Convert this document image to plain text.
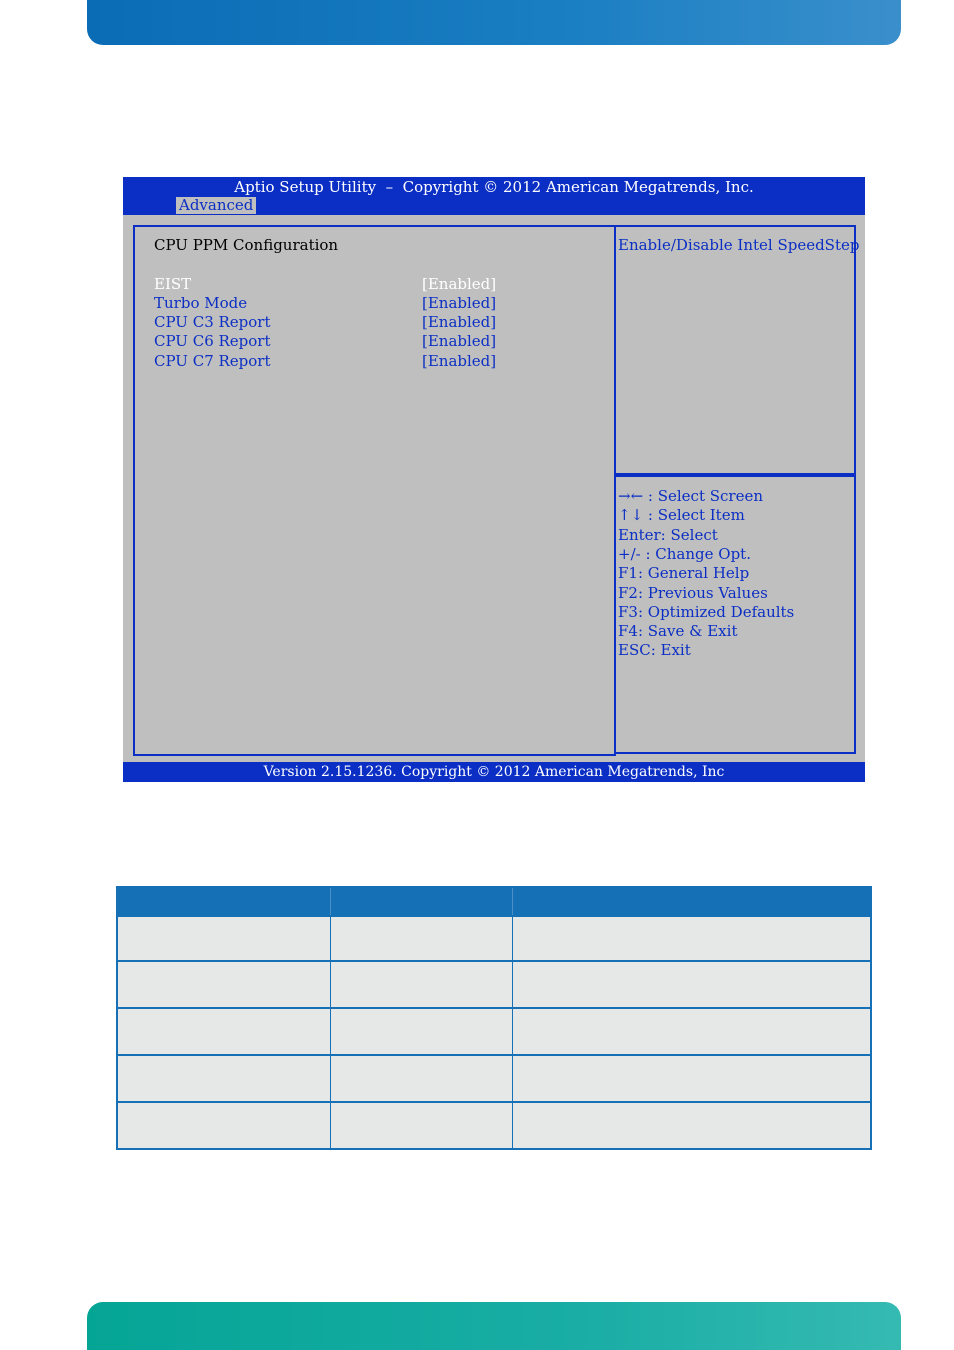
Aptio Setup Utility  –  Copyright © 2012 American Megatrends, Inc.
Advanced
CPU PPM Configuration
EIST	[Enabled]
Turbo Mode	[Enabled]
CPU C3 Report	[Enabled]
CPU C6 Report	[Enabled]
CPU C7 Report	[Enabled]
Enable/Disable Intel SpeedStep
→← : Select Screen
↑↓ : Select Item
Enter: Select
+/- : Change Opt.
F1: General Help
F2: Previous Values
F3: Optimized Defaults
F4: Save & Exit
ESC: Exit
Version 2.15.1236. Copyright © 2012 American Megatrends, Inc
